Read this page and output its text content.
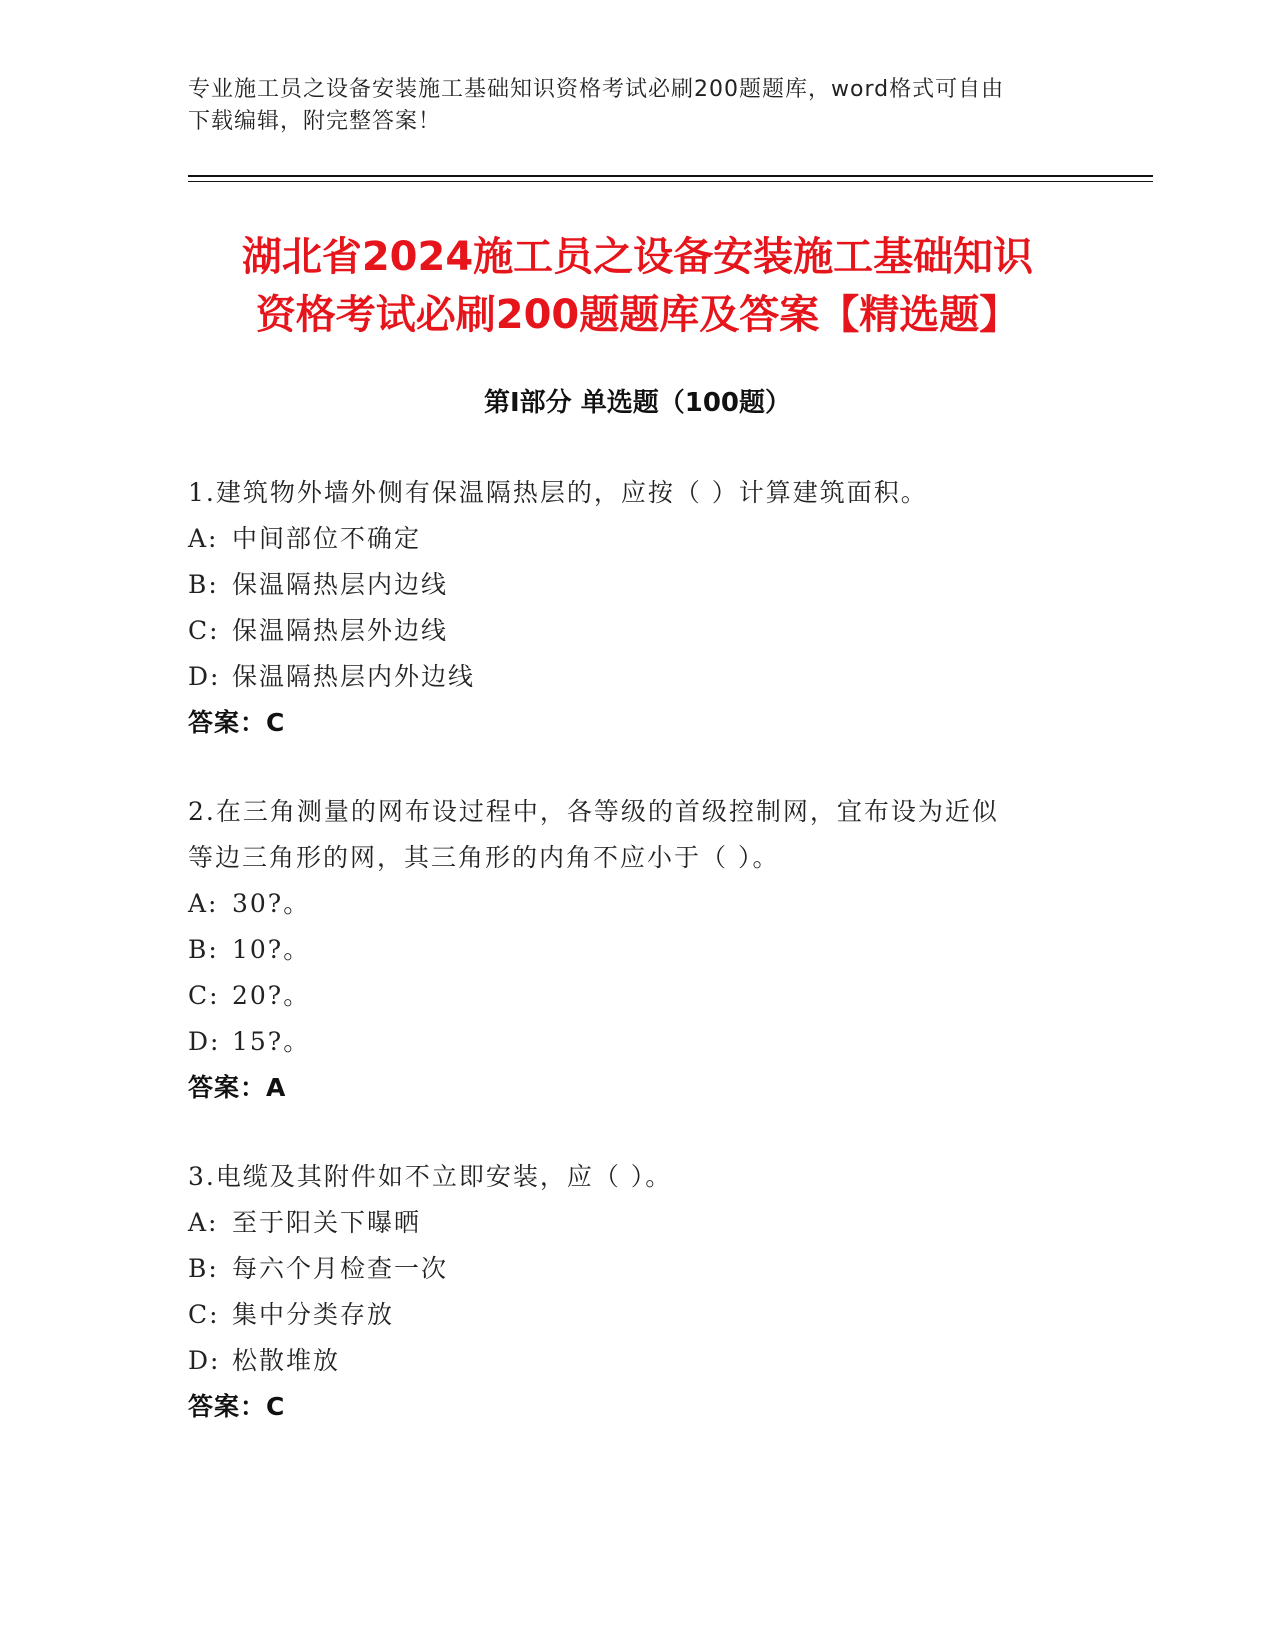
专业施工员之设备安装施工基础知识资格考试必刷200题题库，word格式可自由
下载编辑，附完整答案！
湖北省2024施工员之设备安装施工基础知识
资格考试必刷200题题库及答案【精选题】
第I部分 单选题（100题）
1.建筑物外墙外侧有保温隔热层的，应按（ ）计算建筑面积。
A: 中间部位不确定
B: 保温隔热层内边线
C: 保温隔热层外边线
D: 保温隔热层内外边线
答案：C
2.在三角测量的网布设过程中，各等级的首级控制网，宜布设为近似
等边三角形的网，其三角形的内角不应小于（ ）。
A: 30?。
B: 10?。
C: 20?。
D: 15?。
答案：A
3.电缆及其附件如不立即安装，应（ ）。
A: 至于阳关下曝晒
B: 每六个月检查一次
C: 集中分类存放
D: 松散堆放
答案：C
